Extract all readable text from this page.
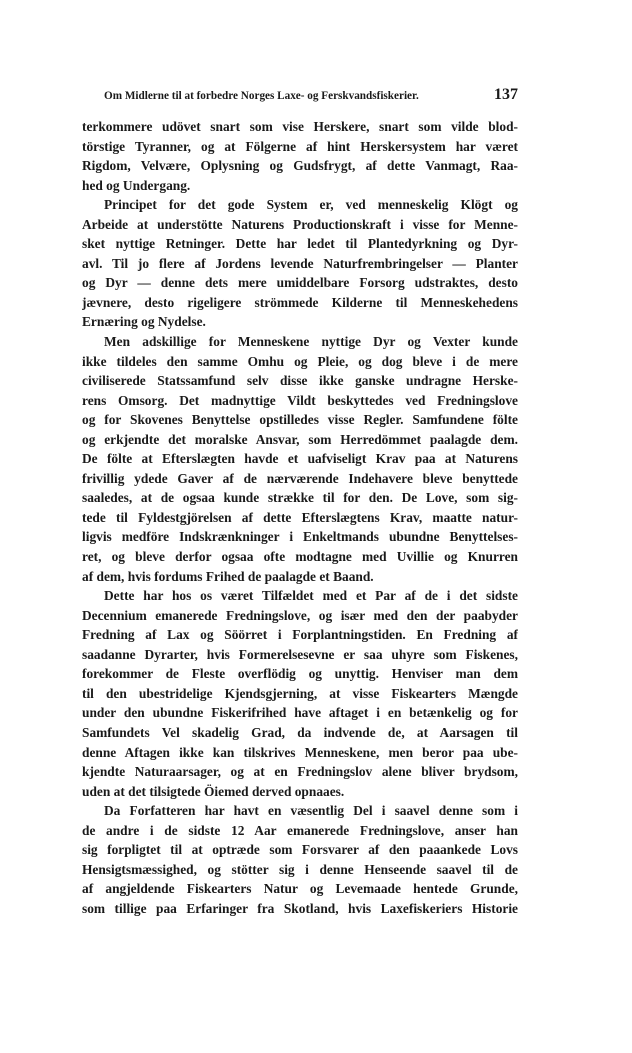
Om Midlerne til at forbedre Norges Laxe- og Ferskvandsfiskerier.	137
terkommere udövet snart som vise Herskere, snart som vilde blod-
törstige Tyranner, og at Fölgerne af hint Herskersystem har været
Rigdom, Velvære, Oplysning og Gudsfrygt, af dette Vanmagt, Raa-
hed og Undergang.
Principet for det gode System er, ved menneskelig Klögt og
Arbeide at understötte Naturens Productionskraft i visse for Menne-
sket nyttige Retninger. Dette har ledet til Plantedyrkning og Dyr-
avl. Til jo flere af Jordens levende Naturfrembringelser — Planter
og Dyr — denne dets mere umiddelbare Forsorg udstraktes, desto
jævnere, desto rigeligere strömmede Kilderne til Menneskehedens
Ernæring og Nydelse.
Men adskillige for Menneskene nyttige Dyr og Vexter kunde
ikke tildeles den samme Omhu og Pleie, og dog bleve i de mere
civiliserede Statssamfund selv disse ikke ganske undragne Herske-
rens Omsorg. Det madnyttige Vildt beskyttedes ved Fredningslove
og for Skovenes Benyttelse opstilledes visse Regler. Samfundene fölte
og erkjendte det moralske Ansvar, som Herredömmet paalagde dem.
De fölte at Efterslægten havde et uafviseligt Krav paa at Naturens
frivillig ydede Gaver af de nærværende Indehavere bleve benyttede
saaledes, at de ogsaa kunde strække til for den. De Love, som sig-
tede til Fyldestgjörelsen af dette Efterslægtens Krav, maatte natur-
ligvis medföre Indskrænkninger i Enkeltmands ubundne Benyttelses-
ret, og bleve derfor ogsaa ofte modtagne med Uvillie og Knurren
af dem, hvis fordums Frihed de paalagde et Baand.
Dette har hos os været Tilfældet med et Par af de i det sidste
Decennium emanerede Fredningslove, og især med den der paabyder
Fredning af Lax og Söörret i Forplantningstiden. En Fredning af
saadanne Dyrarter, hvis Formerelsesevne er saa uhyre som Fiskenes,
forekommer de Fleste overflödig og unyttig. Henviser man dem
til den ubestridelige Kjendsgjerning, at visse Fiskearters Mængde
under den ubundne Fiskerifrihed have aftaget i en betænkelig og for
Samfundets Vel skadelig Grad, da indvende de, at Aarsagen til
denne Aftagen ikke kan tilskrives Menneskene, men beror paa ube-
kjendte Naturaarsager, og at en Fredningslov alene bliver brydsom,
uden at det tilsigtede Öiemed derved opnaaes.
Da Forfatteren har havt en væsentlig Del i saavel denne som i
de andre i de sidste 12 Aar emanerede Fredningslove, anser han
sig forpligtet til at optræde som Forsvarer af den paaankede Lovs
Hensigtsmæssighed, og stötter sig i denne Henseende saavel til de
af angjeldende Fiskearters Natur og Levemaade hentede Grunde,
som tillige paa Erfaringer fra Skotland, hvis Laxefiskeriers Historie
